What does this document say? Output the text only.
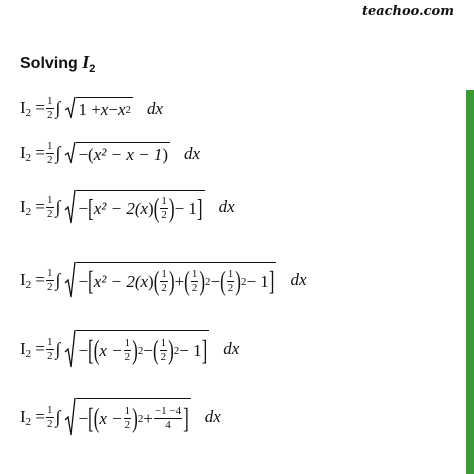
teachoo.com
Solving $I_2$
$I_2 = \frac{1}{2}$ ∫ 1 + x − x 2 dx
$I_2 = \frac{1}{2}$ ∫ −( x² − x − 1 ) dx
$I_2 = \frac{1}{2}$ ∫ − [ x² − 2( x ) ( $\frac{1}{2}$ ) − 1 ] dx
$I_2 = \frac{1}{2}$ ∫ − [ x² − 2( x ) ( $\frac{1}{2}$ ) + ( $\frac{1}{2}$ ) 2 − ( $\frac{1}{2}$ ) 2 − 1 ] dx
$I_2 = \frac{1}{2}$ ∫ − [ ( $x - \frac{1}{2}$ ) 2 − ( $\frac{1}{2}$ ) 2 − 1 ] dx
$I_2 = \frac{1}{2}$ ∫ − [ ( $x - \frac{1}{2}$ ) $2 + \frac{-1 -4}{4}$ ] dx
